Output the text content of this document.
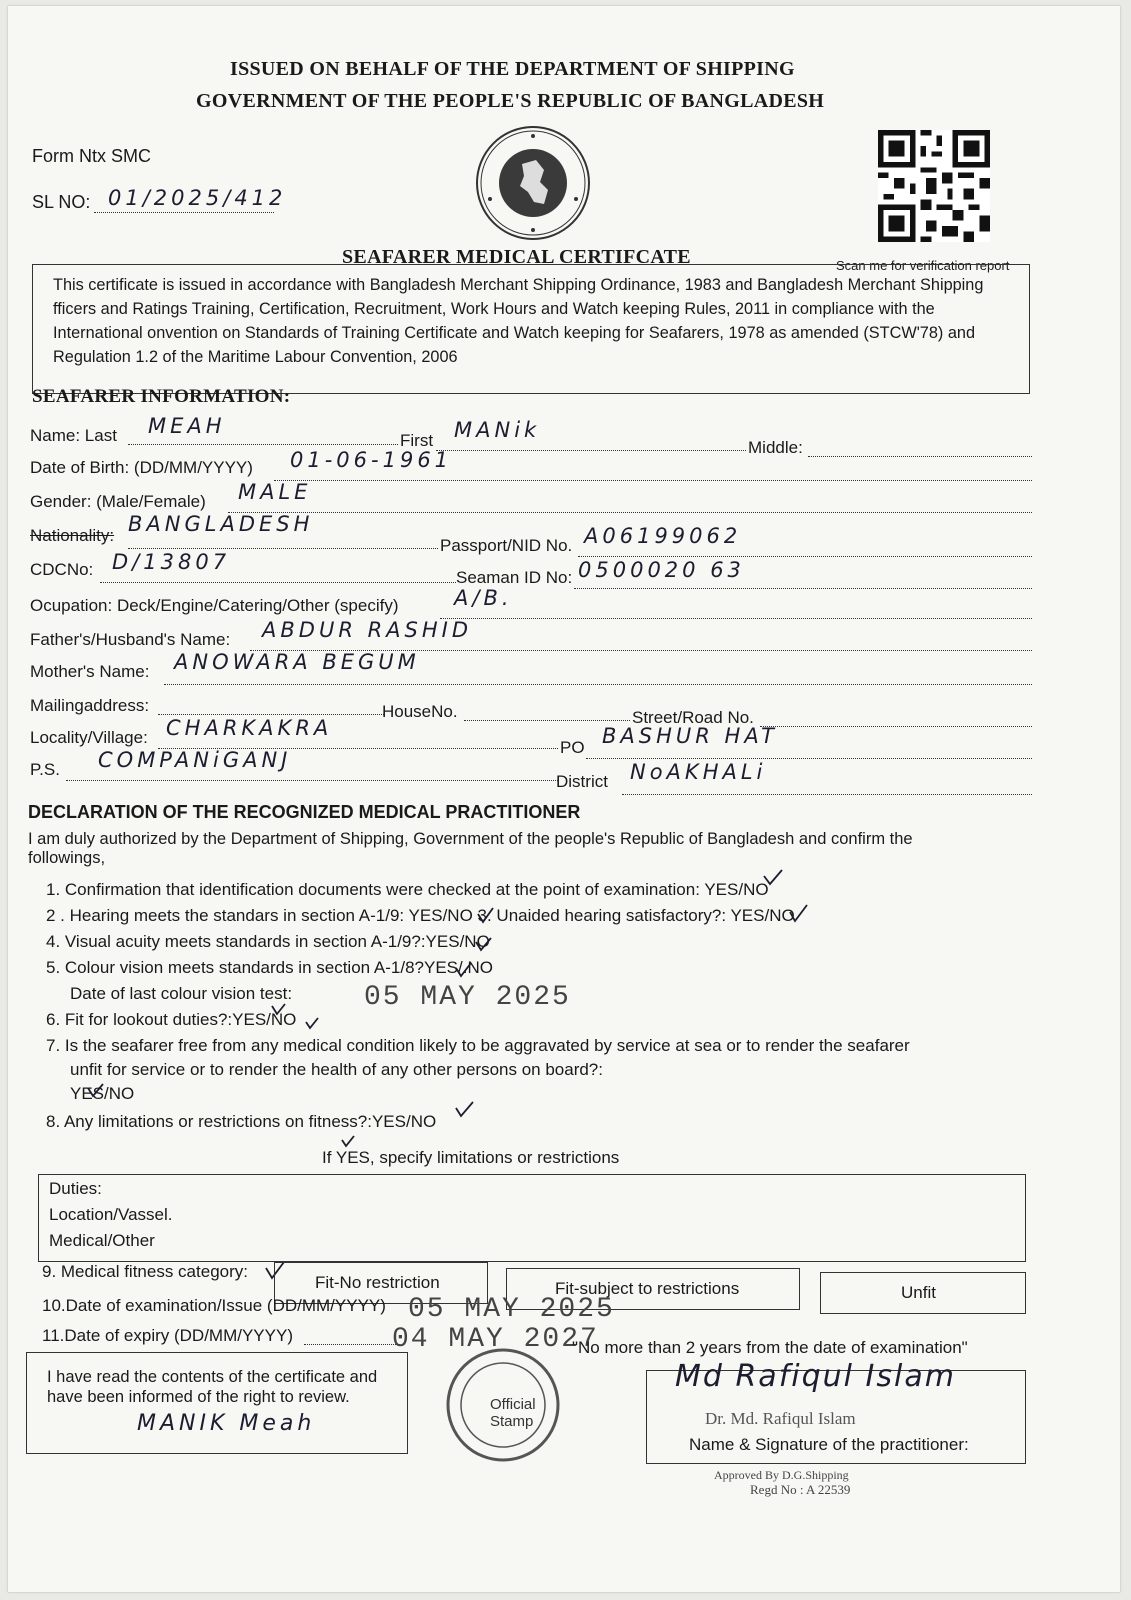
ISSUED ON BEHALF OF THE DEPARTMENT OF SHIPPING
GOVERNMENT OF THE PEOPLE'S REPUBLIC OF BANGLADESH
Form Ntx SMC
SL NO: 01/2025/412
Scan me for verification report
SEAFARER MEDICAL CERTIFCATE
This certificate is issued in accordance with Bangladesh Merchant Shipping Ordinance, 1983 and Bangladesh Merchant Shipping fficers and Ratings Training, Certification, Recruitment, Work Hours and Watch keeping Rules, 2011 in compliance with the International onvention on Standards of Training Certificate and Watch keeping for Seafarers, 1978 as amended (STCW'78) and Regulation 1.2 of the Maritime Labour Convention, 2006
SEAFARER INFORMATION:
Name: Last MEAH
First MANik
Middle:
Date of Birth: (DD/MM/YYYY) 01-06-1961
Gender: (Male/Female) MALE
Nationality: BANGLADESH
Passport/NID No. A06199062
CDCNo: D/13807
Seaman ID No: 0500020 63
Ocupation: Deck/Engine/Catering/Other (specify)	A/B.
Father's/Husband's Name: ABDUR RASHID
Mother's Name: ANOWARA BEGUM
Mailingaddress:	HouseNo.	Street/Road No.
Locality/Village: CHARKAKRA
PO BASHUR HAT
P.S. COMPANiGANJ
District NoAKHALi
DECLARATION OF THE RECOGNIZED MEDICAL PRACTITIONER
I am duly authorized by the Department of Shipping, Government of the people's Republic of Bangladesh and confirm the followings,
1. Confirmation that identification documents were checked at the point of examination: YES/NO
2 . Hearing meets the standars in section A-1/9: YES/NO 3. Unaided hearing satisfactory?: YES/NO
4. Visual acuity meets standards in section A-1/9?:YES/NO
5. Colour vision meets standards in section A-1/8?YES/.NO
Date of last colour vision test:	05 MAY 2025
6. Fit for lookout duties?:YES/NO
7. Is the seafarer free from any medical condition likely to be aggravated by service at sea or to render the seafarer
unfit for service or to render the health of any other persons on board?:
YES/NO
8. Any limitations or restrictions on fitness?:YES/NO
If YES, specify limitations or restrictions
Duties:
Location/Vassel.
Medical/Other
9. Medical fitness category:
Fit-No restriction	Fit-subject to restrictions	Unfit
10.Date of examination/Issue (DD/MM/YYYY) 05 MAY 2025
11.Date of expiry (DD/MM/YYYY)	04 MAY 2027
"No more than 2 years from the date of examination"
I have read the contents of the certificate and have been informed of the right to review.
MANIK Meah
Official Stamp
Md Rafiqul Islam
Dr. Md. Rafiqul Islam
Name & Signature of the practitioner:
Approved By D.G.Shipping
Regd No : A 22539
